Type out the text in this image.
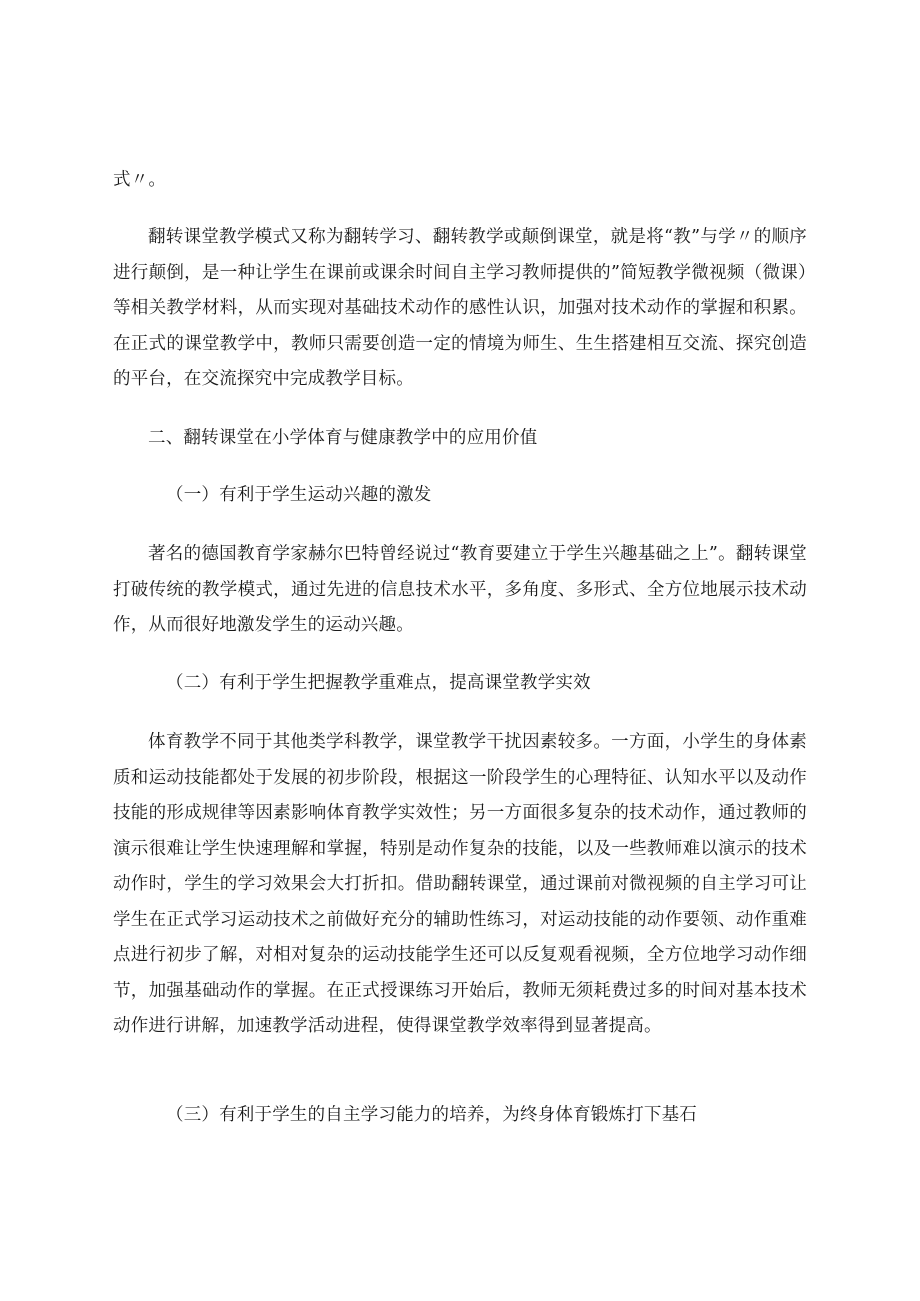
式〃。

翻转课堂教学模式又称为翻转学习、翻转教学或颠倒课堂，就是将“教”与学〃的顺序进行颠倒，是一种让学生在课前或课余时间自主学习教师提供的”简短教学微视频（微课）等相关教学材料，从而实现对基础技术动作的感性认识，加强对技术动作的掌握和积累。在正式的课堂教学中，教师只需要创造一定的情境为师生、生生搭建相互交流、探究创造的平台，在交流探究中完成教学目标。

二、翻转课堂在小学体育与健康教学中的应用价值

（一）有利于学生运动兴趣的激发

著名的德国教育学家赫尔巴特曾经说过“教育要建立于学生兴趣基础之上”。翻转课堂打破传统的教学模式，通过先进的信息技术水平，多角度、多形式、全方位地展示技术动作，从而很好地激发学生的运动兴趣。

（二）有利于学生把握教学重难点，提高课堂教学实效

体育教学不同于其他类学科教学，课堂教学干扰因素较多。一方面，小学生的身体素质和运动技能都处于发展的初步阶段，根据这一阶段学生的心理特征、认知水平以及动作技能的形成规律等因素影响体育教学实效性；另一方面很多复杂的技术动作，通过教师的演示很难让学生快速理解和掌握，特别是动作复杂的技能，以及一些教师难以演示的技术动作时，学生的学习效果会大打折扣。借助翻转课堂，通过课前对微视频的自主学习可让学生在正式学习运动技术之前做好充分的辅助性练习，对运动技能的动作要领、动作重难点进行初步了解，对相对复杂的运动技能学生还可以反复观看视频，全方位地学习动作细节，加强基础动作的掌握。在正式授课练习开始后，教师无须耗费过多的时间对基本技术动作进行讲解，加速教学活动进程，使得课堂教学效率得到显著提高。

（三）有利于学生的自主学习能力的培养，为终身体育锻炼打下基石
